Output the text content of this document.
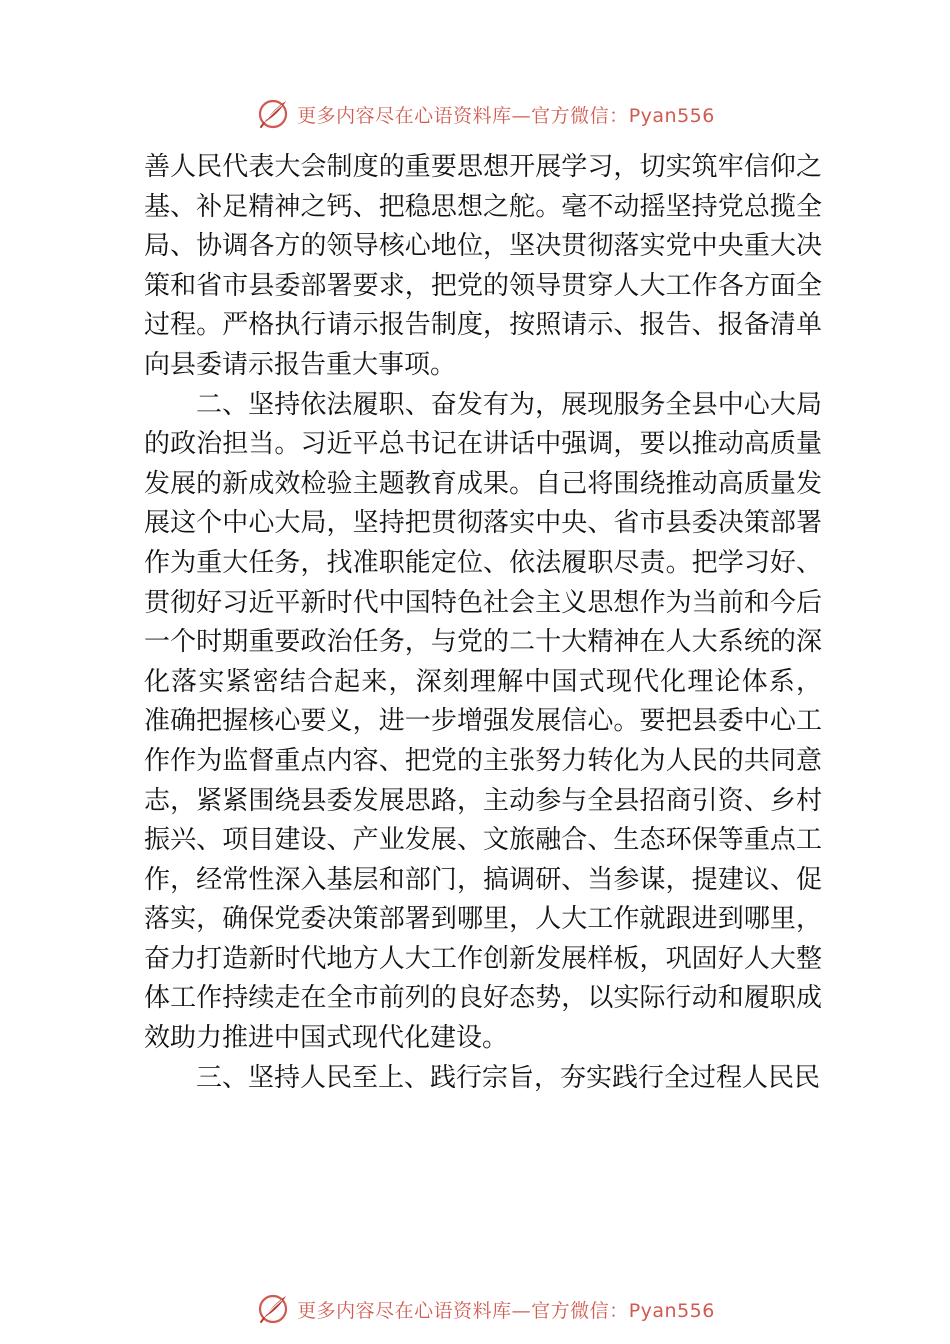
更多内容尽在心语资料库—官方微信：Pyan556

善人民代表大会制度的重要思想开展学习，切实筑牢信仰之基、补足精神之钙、把稳思想之舵。毫不动摇坚持党总揽全局、协调各方的领导核心地位，坚决贯彻落实党中央重大决策和省市县委部署要求，把党的领导贯穿人大工作各方面全过程。严格执行请示报告制度，按照请示、报告、报备清单向县委请示报告重大事项。

二、坚持依法履职、奋发有为，展现服务全县中心大局的政治担当。习近平总书记在讲话中强调，要以推动高质量发展的新成效检验主题教育成果。自己将围绕推动高质量发展这个中心大局，坚持把贯彻落实中央、省市县委决策部署作为重大任务，找准职能定位、依法履职尽责。把学习好、 贯彻好习近平新时代中国特色社会主义思想作为当前和今后一个时期重要政治任务，与党的二十大精神在人大系统的深化落实紧密结合起来，深刻理解中国式现代化理论体系， 准确把握核心要义，进一步增强发展信心。要把县委中心工作作为监督重点内容、把党的主张努力转化为人民的共同意志，紧紧围绕县委发展思路，主动参与全县招商引资、乡村振兴、项目建设、产业发展、文旅融合、生态环保等重点工作，经常性深入基层和部门，搞调研、当参谋，提建议、促落实，确保党委决策部署到哪里，人大工作就跟进到哪里， 奋力打造新时代地方人大工作创新发展样板，巩固好人大整体工作持续走在全市前列的良好态势，以实际行动和履职成效助力推进中国式现代化建设。

三、坚持人民至上、践行宗旨，夯实践行全过程人民民

更多内容尽在心语资料库—官方微信：Pyan556
